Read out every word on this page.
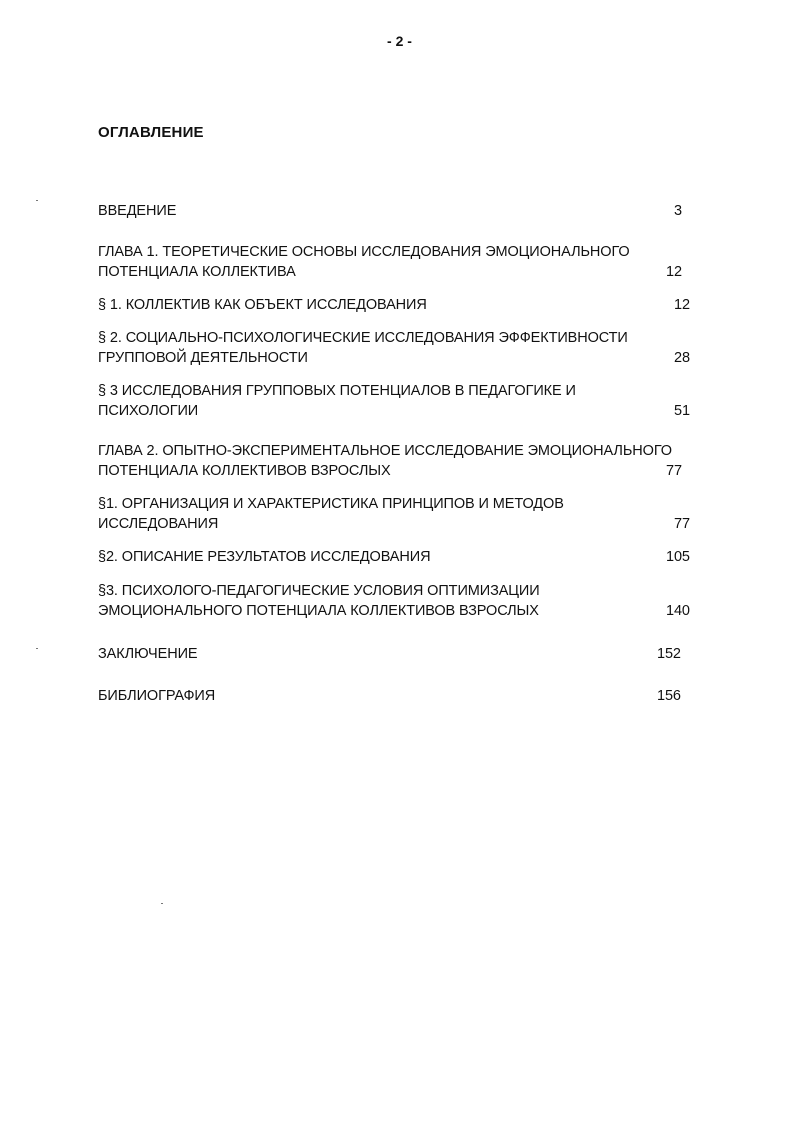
- 2 -
ОГЛАВЛЕНИЕ
ВВЕДЕНИЕ	3
ГЛАВА 1. ТЕОРЕТИЧЕСКИЕ ОСНОВЫ ИССЛЕДОВАНИЯ ЭМОЦИОНАЛЬНОГО
ПОТЕНЦИАЛА КОЛЛЕКТИВА	12
§ 1. КОЛЛЕКТИВ КАК ОБЪЕКТ ИССЛЕДОВАНИЯ	12
§ 2. СОЦИАЛЬНО-ПСИХОЛОГИЧЕСКИЕ ИССЛЕДОВАНИЯ ЭФФЕКТИВНОСТИ
ГРУППОВОЙ ДЕЯТЕЛЬНОСТИ	28
§ 3 ИССЛЕДОВАНИЯ ГРУППОВЫХ ПОТЕНЦИАЛОВ В ПЕДАГОГИКЕ И
ПСИХОЛОГИИ	51
ГЛАВА 2. ОПЫТНО-ЭКСПЕРИМЕНТАЛЬНОЕ ИССЛЕДОВАНИЕ ЭМОЦИОНАЛЬНОГО
ПОТЕНЦИАЛА КОЛЛЕКТИВОВ ВЗРОСЛЫХ	77
§1. ОРГАНИЗАЦИЯ И ХАРАКТЕРИСТИКА ПРИНЦИПОВ И МЕТОДОВ
ИССЛЕДОВАНИЯ	77
§2. ОПИСАНИЕ РЕЗУЛЬТАТОВ ИССЛЕДОВАНИЯ	105
§3. ПСИХОЛОГО-ПЕДАГОГИЧЕСКИЕ УСЛОВИЯ ОПТИМИЗАЦИИ
ЭМОЦИОНАЛЬНОГО ПОТЕНЦИАЛА КОЛЛЕКТИВОВ ВЗРОСЛЫХ	140
ЗАКЛЮЧЕНИЕ	152
БИБЛИОГРАФИЯ	156
